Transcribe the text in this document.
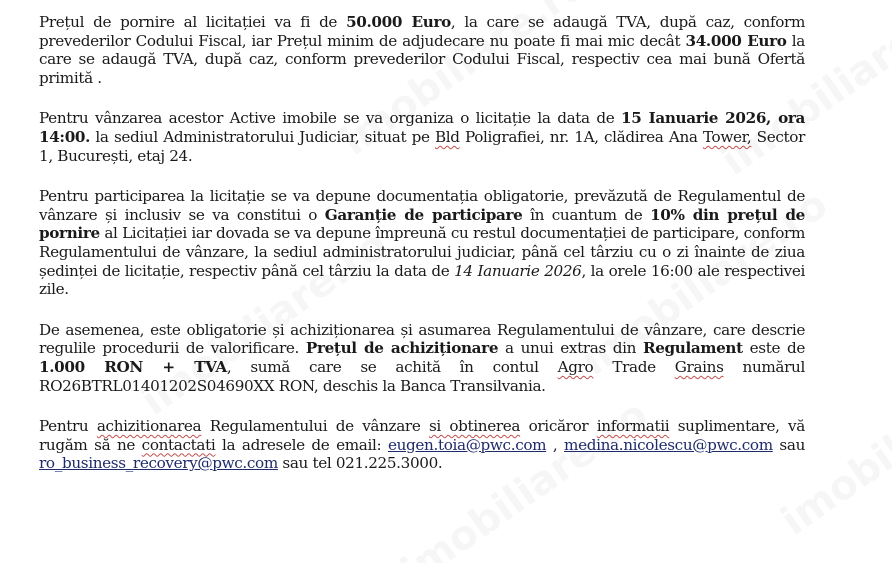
Prețul de pornire al licitației va fi de 50.000 Euro, la care se adaugă TVA, după caz, conform prevederilor Codului Fiscal, iar Prețul minim de adjudecare nu poate fi mai mic decât 34.000 Euro la care se adaugă TVA, după caz, conform prevederilor Codului Fiscal, respectiv cea mai bună Ofertă primită .

Pentru vânzarea acestor Active imobile se va organiza o licitație la data de 15 Ianuarie 2026, ora 14:00. la sediul Administratorului Judiciar, situat pe Bld Poligrafiei, nr. 1A, clădirea Ana Tower, Sector 1, București, etaj 24.

Pentru participarea la licitație se va depune documentația obligatorie, prevăzută de Regulamentul de vânzare și inclusiv se va constitui o Garanție de participare în cuantum de 10% din prețul de pornire al Licitației iar dovada se va depune împreună cu restul documentației de participare, conform Regulamentului de vânzare, la sediul administratorului judiciar, până cel târziu cu o zi înainte de ziua ședinței de licitație, respectiv până cel târziu la data de 14 Ianuarie 2026, la orele 16:00 ale respectivei zile.

De asemenea, este obligatorie și achiziționarea și asumarea Regulamentului de vânzare, care descrie regulile procedurii de valorificare. Prețul de achiziționare a unui extras din Regulament este de 1.000 RON + TVA, sumă care se achită în contul Agro Trade Grains numărul RO26BTRL01401202S04690XX RON, deschis la Banca Transilvania.

Pentru achizitionarea Regulamentului de vânzare si obtinerea oricăror informatii suplimentare, vă rugăm să ne contactati la adresele de email: eugen.toia@pwc.com , medina.nicolescu@pwc.com sau ro_business_recovery@pwc.com sau tel 021.225.3000.
